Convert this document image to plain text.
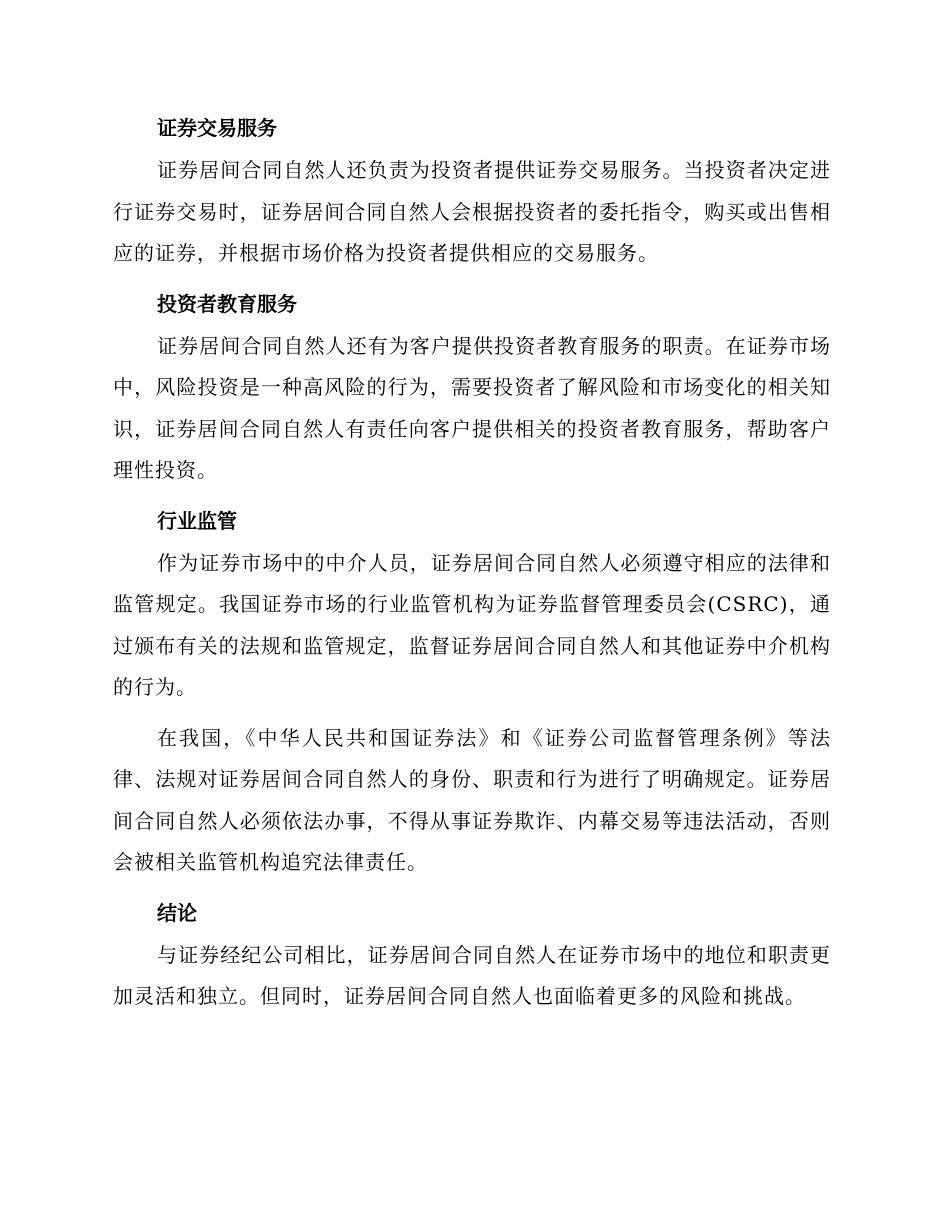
证券交易服务

证券居间合同自然人还负责为投资者提供证券交易服务。当投资者决定进行证券交易时，证券居间合同自然人会根据投资者的委托指令，购买或出售相应的证券，并根据市场价格为投资者提供相应的交易服务。

投资者教育服务

证券居间合同自然人还有为客户提供投资者教育服务的职责。在证券市场中，风险投资是一种高风险的行为，需要投资者了解风险和市场变化的相关知识，证券居间合同自然人有责任向客户提供相关的投资者教育服务，帮助客户理性投资。

行业监管

作为证券市场中的中介人员，证券居间合同自然人必须遵守相应的法律和监管规定。我国证券市场的行业监管机构为证券监督管理委员会(CSRC)，通过颁布有关的法规和监管规定，监督证券居间合同自然人和其他证券中介机构的行为。

在我国，《中华人民共和国证券法》和《证券公司监督管理条例》等法律、法规对证券居间合同自然人的身份、职责和行为进行了明确规定。证券居间合同自然人必须依法办事，不得从事证券欺诈、内幕交易等违法活动，否则会被相关监管机构追究法律责任。

结论

与证券经纪公司相比，证券居间合同自然人在证券市场中的地位和职责更加灵活和独立。但同时，证券居间合同自然人也面临着更多的风险和挑战。
